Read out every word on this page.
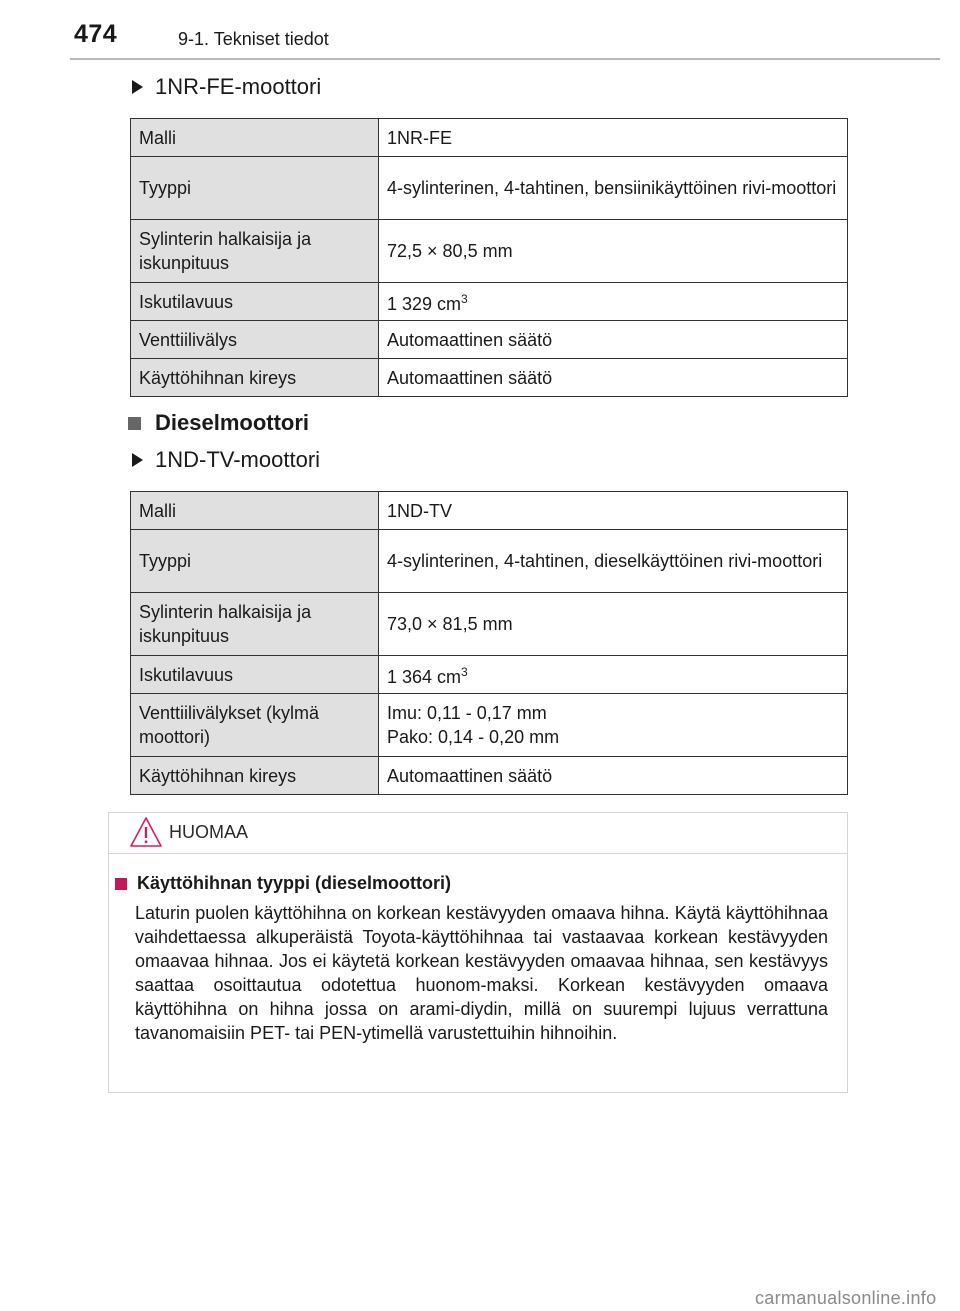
474	9-1. Tekniset tiedot
1NR-FE-moottori
Malli	1NR-FE
Tyyppi	4-sylinterinen, 4-tahtinen, bensiinikäyttöinen rivi-moottori
Sylinterin halkaisija ja iskunpituus	72,5 × 80,5 mm
Iskutilavuus	1 329 $cm^3$
Venttiilivälys	Automaattinen säätö
Käyttöhihnan kireys	Automaattinen säätö
Dieselmoottori
1ND-TV-moottori
Malli	1ND-TV
Tyyppi	4-sylinterinen, 4-tahtinen, dieselkäyttöinen rivi-moottori
Sylinterin halkaisija ja iskunpituus	73,0 × 81,5 mm
Iskutilavuus	1 364 $cm^3$
Venttiilivälykset (kylmä moottori)	Imu: 0,11 - 0,17 mm
Pako: 0,14 - 0,20 mm

Käyttöhihnan kireys	Automaattinen säätö
HUOMAA
Käyttöhihnan tyyppi (dieselmoottori)
Laturin puolen käyttöhihna on korkean kestävyyden omaava hihna. Käytä käyttöhihnaa vaihdettaessa alkuperäistä Toyota-käyttöhihnaa tai vastaavaa korkean kestävyyden omaavaa hihnaa. Jos ei käytetä korkean kestävyyden omaavaa hihnaa, sen kestävyys saattaa osoittautua odotettua huonom-maksi. Korkean kestävyyden omaava käyttöhihna on hihna jossa on arami-diydin, millä on suurempi lujuus verrattuna tavanomaisiin PET- tai PEN-ytimellä varustettuihin hihnoihin.
carmanualsonline.info
